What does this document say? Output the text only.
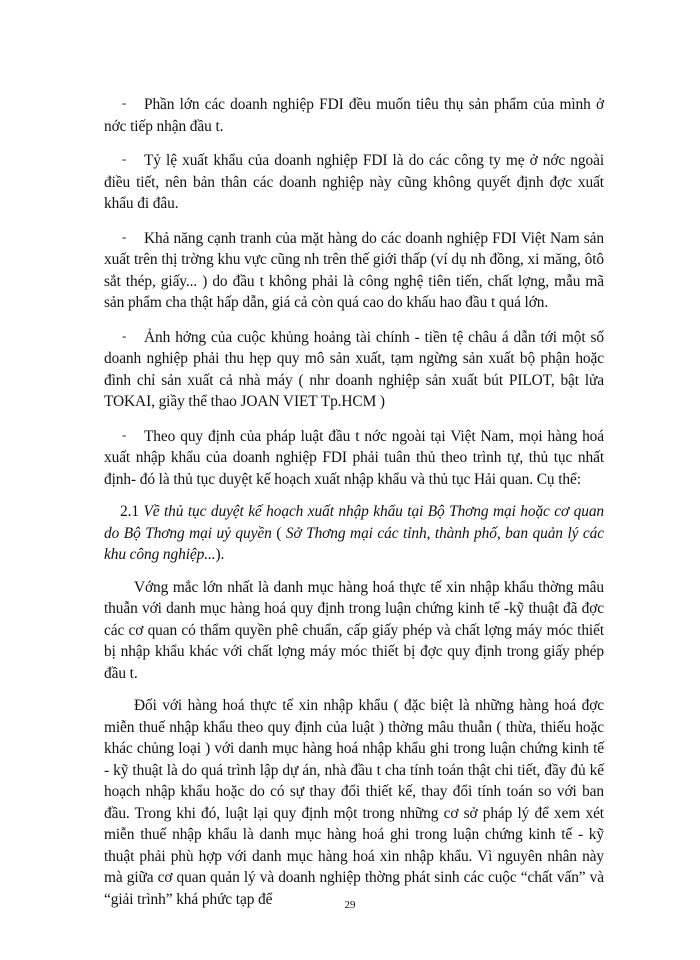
- Phần lớn các doanh nghiệp FDI đều muốn tiêu thụ sản phẩm của mình ở nớc tiếp nhận đầu t.

- Tỷ lệ xuất khẩu của doanh nghiệp FDI là do các công ty mẹ ở nớc ngoài điều tiết, nên bản thân các doanh nghiệp này cũng không quyết định đợc xuất khẩu đi đâu.

- Khả năng cạnh tranh của mặt hàng do các doanh nghiệp FDI Việt Nam sản xuất trên thị trờng khu vực cũng nh trên thế giới thấp (ví dụ nh đồng, xi măng, ôtô sắt thép, giấy... ) do đầu t không phải là công nghệ tiên tiến, chất lợng, mẫu mã sản phẩm cha thật hấp dẫn, giá cả còn quá cao do khấu hao đầu t quá lớn.

- Ảnh hởng của cuộc khủng hoảng tài chính - tiền tệ châu á dẫn tới một số doanh nghiệp phải thu hẹp quy mô sản xuất, tạm ngừng sản xuất bộ phận hoặc đình chỉ sản xuất cả nhà máy ( nhr doanh nghiệp sản xuất bút PILOT, bật lửa TOKAI, giầy thể thao JOAN VIET Tp.HCM )

- Theo quy định của pháp luật đầu t nớc ngoài tại Việt Nam, mọi hàng hoá xuất nhập khẩu của doanh nghiệp FDI phải tuân thủ theo trình tự, thủ tục nhất định- đó là thủ tục duyệt kế hoạch xuất nhập khẩu và thủ tục Hải quan. Cụ thể:

2.1 Về thủ tục duyệt kế hoạch xuất nhập khẩu tại Bộ Thơng mại hoặc cơ quan do Bộ Thơng mại uỷ quyền ( Sở Thơng mại các tỉnh, thành phố, ban quản lý các khu công nghiệp...).

Vớng mắc lớn nhất là danh mục hàng hoá thực tế xin nhập khẩu thờng mâu thuẫn với danh mục hàng hoá quy định trong luận chứng kinh tế -kỹ thuật đã đợc các cơ quan có thẩm quyền phê chuẩn, cấp giấy phép và chất lợng máy móc thiết bị nhập khẩu khác với chất lợng máy móc thiết bị đợc quy định trong giấy phép đầu t.

Đối với hàng hoá thực tế xin nhập khẩu ( đặc biệt là những hàng hoá đợc miễn thuế nhập khẩu theo quy định của luật ) thờng mâu thuẫn ( thừa, thiếu hoặc khác chủng loại ) với danh mục hàng hoá nhập khẩu ghi trong luận chứng kinh tế - kỹ thuật là do quá trình lập dự án, nhà đầu t cha tính toán thật chi tiết, đầy đủ kế hoạch nhập khẩu hoặc do có sự thay đổi thiết kế, thay đổi tính toán so với ban đầu. Trong khi đó, luật lại quy định một trong những cơ sở pháp lý để xem xét miễn thuế nhập khẩu là danh mục hàng hoá ghi trong luận chứng kinh tế - kỹ thuật phải phù hợp với danh mục hàng hoá xin nhập khẩu. Vì nguyên nhân này mà giữa cơ quan quản lý và doanh nghiệp thờng phát sinh các cuộc “chất vấn” và “giải trình” khá phức tạp để	29
